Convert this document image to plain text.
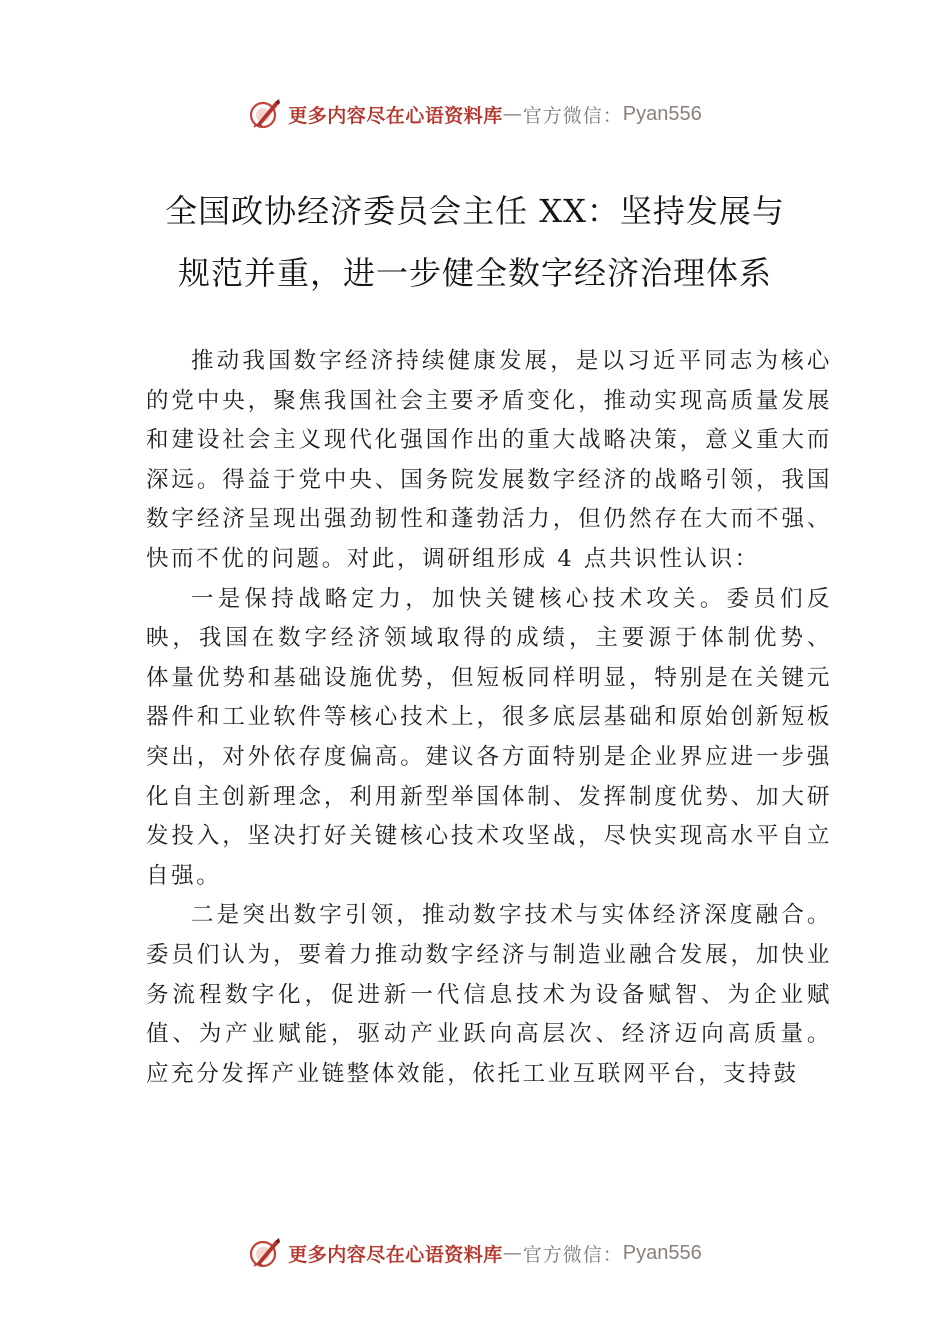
更多内容尽在心语资料库 — 官方微信： Pyan556
全国政协经济委员会主任 XX：坚持发展与
规范并重，进一步健全数字经济治理体系

推动我国数字经济持续健康发展，是以习近平同志为核心的党中央，聚焦我国社会主要矛盾变化，推动实现高质量发展和建设社会主义现代化强国作出的重大战略决策，意义重大而深远。得益于党中央、国务院发展数字经济的战略引领，我国数字经济呈现出强劲韧性和蓬勃活力，但仍然存在大而不强、快而不优的问题。对此，调研组形成 4 点共识性认识：

一是保持战略定力，加快关键核心技术攻关。委员们反映，我国在数字经济领域取得的成绩，主要源于体制优势、 体量优势和基础设施优势，但短板同样明显，特别是在关键元器件和工业软件等核心技术上，很多底层基础和原始创新短板突出，对外依存度偏高。建议各方面特别是企业界应进一步强化自主创新理念，利用新型举国体制、发挥制度优势、加大研发投入，坚决打好关键核心技术攻坚战，尽快实现高水平自立自强。

二是突出数字引领，推动数字技术与实体经济深度融合。委员们认为，要着力推动数字经济与制造业融合发展，加快业务流程数字化，促进新一代信息技术为设备赋智、为企业赋值、为产业赋能，驱动产业跃向高层次、经济迈向高质量。 应充分发挥产业链整体效能，依托工业互联网平台，支持鼓

更多内容尽在心语资料库 — 官方微信： Pyan556
